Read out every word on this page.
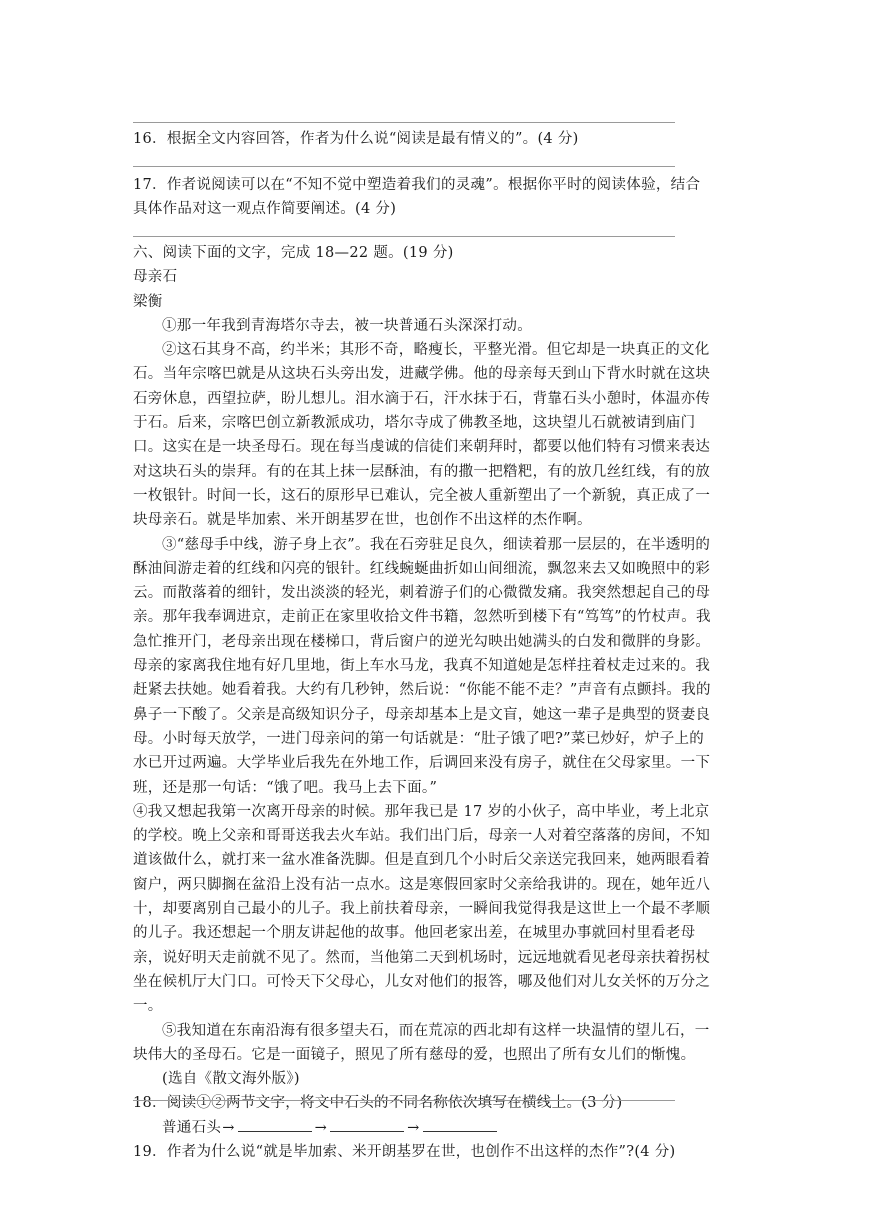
16．根据全文内容回答，作者为什么说“阅读是最有情义的”。(4 分)

17．作者说阅读可以在“不知不觉中塑造着我们的灵魂”。根据你平时的阅读体验，结合具体作品对这一观点作简要阐述。(4 分)

六、阅读下面的文字，完成 18—22 题。(19 分)

母亲石

梁衡

①那一年我到青海塔尔寺去，被一块普通石头深深打动。

②这石其身不高，约半米；其形不奇，略瘦长，平整光滑。但它却是一块真正的文化石。当年宗喀巴就是从这块石头旁出发，进藏学佛。他的母亲每天到山下背水时就在这块石旁休息，西望拉萨，盼儿想儿。泪水滴于石，汗水抹于石，背靠石头小憩时，体温亦传于石。后来，宗喀巴创立新教派成功，塔尔寺成了佛教圣地，这块望儿石就被请到庙门口。这实在是一块圣母石。现在每当虔诚的信徒们来朝拜时，都要以他们特有习惯来表达对这块石头的崇拜。有的在其上抹一层酥油，有的撒一把糌粑，有的放几丝红线，有的放一枚银针。时间一长，这石的原形早已难认，完全被人重新塑出了一个新貌，真正成了一块母亲石。就是毕加索、米开朗基罗在世，也创作不出这样的杰作啊。

③“慈母手中线，游子身上衣”。我在石旁驻足良久，细读着那一层层的，在半透明的酥油间游走着的红线和闪亮的银针。红线蜿蜒曲折如山间细流，飘忽来去又如晚照中的彩云。而散落着的细针，发出淡淡的轻光，刺着游子们的心微微发痛。我突然想起自己的母亲。那年我奉调进京，走前正在家里收拾文件书籍，忽然听到楼下有“笃笃”的竹杖声。我急忙推开门，老母亲出现在楼梯口，背后窗户的逆光勾映出她满头的白发和微胖的身影。

母亲的家离我住地有好几里地，街上车水马龙，我真不知道她是怎样拄着杖走过来的。我赶紧去扶她。她看着我。大约有几秒钟，然后说：“你能不能不走？”声音有点颤抖。我的鼻子一下酸了。父亲是高级知识分子，母亲却基本上是文盲，她这一辈子是典型的贤妻良母。小时每天放学，一进门母亲问的第一句话就是：“肚子饿了吧?”菜已炒好，炉子上的水已开过两遍。大学毕业后我先在外地工作，后调回来没有房子，就住在父母家里。一下班，还是那一句话：“饿了吧。我马上去下面。”

④我又想起我第一次离开母亲的时候。那年我已是 17 岁的小伙子，高中毕业，考上北京的学校。晚上父亲和哥哥送我去火车站。我们出门后，母亲一人对着空落落的房间，不知道该做什么，就打来一盆水准备洗脚。但是直到几个小时后父亲送完我回来，她两眼看着窗户，两只脚搁在盆沿上没有沾一点水。这是寒假回家时父亲给我讲的。现在，她年近八十，却要离别自己最小的儿子。我上前扶着母亲，一瞬间我觉得我是这世上一个最不孝顺的儿子。我还想起一个朋友讲起他的故事。他回老家出差，在城里办事就回村里看老母亲，说好明天走前就不见了。然而，当他第二天到机场时，远远地就看见老母亲扶着拐杖坐在候机厅大门口。可怜天下父母心，儿女对他们的报答，哪及他们对儿女关怀的万分之一。

⑤我知道在东南沿海有很多望夫石，而在荒凉的西北却有这样一块温情的望儿石，一块伟大的圣母石。它是一面镜子，照见了所有慈母的爱，也照出了所有女儿们的惭愧。

(选自《散文海外版》)

18．阅读①②两节文字，将文中石头的不同名称依次填写在横线上。(3 分)

普通石头→	→	→

19．作者为什么说“就是毕加索、米开朗基罗在世，也创作不出这样的杰作”?(4 分)
